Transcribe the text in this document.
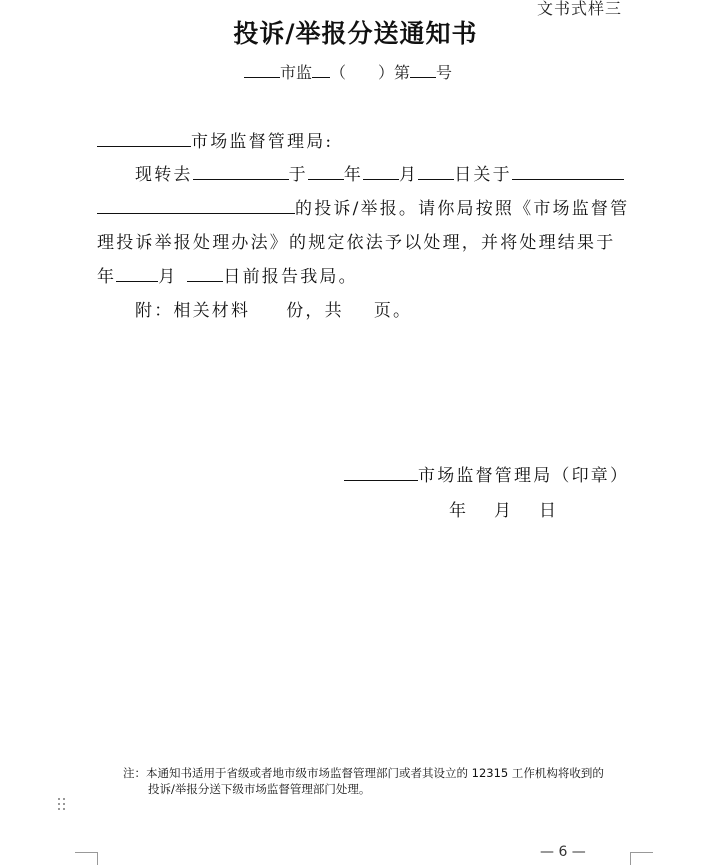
文书式样三
投诉/举报分送通知书
市监 （ ）第 号
市场监督管理局:
现转去	于 年 月 日关于
的投诉/举报。请你局按照《市场监督管
理投诉举报处理办法》的规定依法予以处理，并将处理结果于
年 月	日前报告我局。
附：相关材料 份，共 页。
市场监督管理局（印章）
年 月 日
注：本通知书适用于省级或者地市级市场监督管理部门或者其设立的 12315 工作机构将收到的
投诉/举报分送下级市场监督管理部门处理。
— 6 —
